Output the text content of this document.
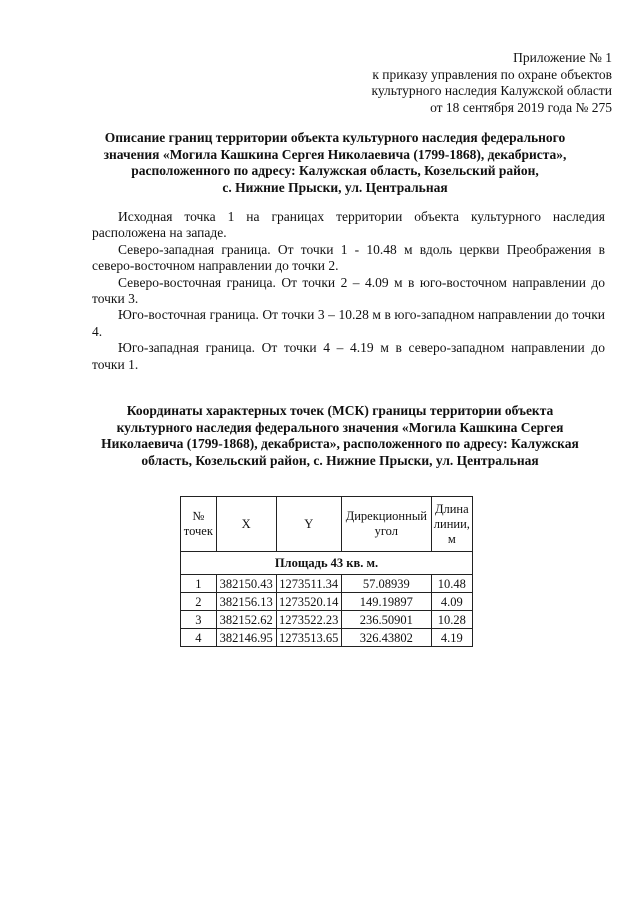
Приложение № 1
к приказу управления по охране объектов
культурного наследия Калужской области
от 18 сентября 2019 года № 275
Описание границ территории объекта культурного наследия федерального
значения «Могила Кашкина Сергея Николаевича (1799-1868), декабриста»,
расположенного по адресу: Калужская область, Козельский район,
с. Нижние Прыски, ул. Центральная

Исходная точка 1 на границах территории объекта культурного наследия расположена на западе.

Северо-западная граница. От точки 1 - 10.48 м вдоль церкви Преображения в северо-восточном направлении до точки 2.

Северо-восточная граница. От точки 2 – 4.09 м в юго-восточном направлении до точки 3.

Юго-восточная граница. От точки 3 – 10.28 м в юго-западном направлении до точки 4.

Юго-западная граница. От точки 4 – 4.19 м в северо-западном направлении до точки 1.

Координаты характерных точек (МСК) границы территории объекта
культурного наследия федерального значения «Могила Кашкина Сергея
Николаевича (1799-1868), декабриста», расположенного по адресу: Калужская
область, Козельский район, с. Нижние Прыски, ул. Центральная
№ точек	X	Y	Дирекционный угол	Длина линии, м
Площадь 43 кв. м.				
1	382150.43	1273511.34	57.08939	10.48
2	382156.13	1273520.14	149.19897	4.09
3	382152.62	1273522.23	236.50901	10.28
4	382146.95	1273513.65	326.43802	4.19
